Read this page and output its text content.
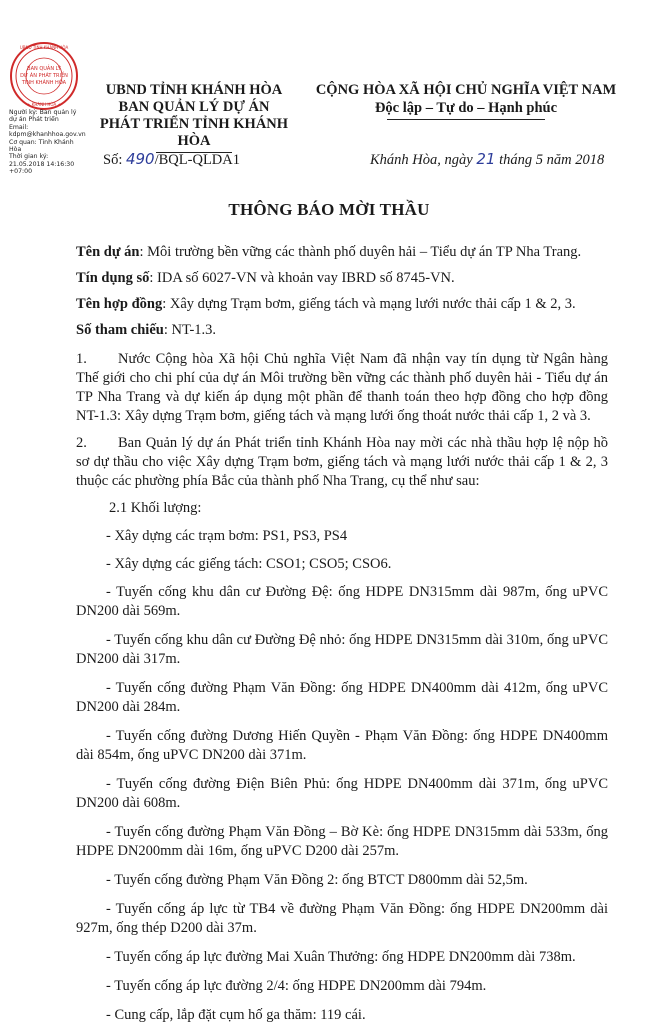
BAN QUẢN LÝ
DỰ ÁN PHÁT TRIỂN
TỈNH KHÁNH HÒA
UBND TỈNH KHÁNH HÒA
★ KHÁNH HÒA ★
Người ký: Ban quản lý
dự án Phát triển
Email:
kdpm@khanhhoa.gov.vn
Cơ quan: Tỉnh Khánh
Hòa
Thời gian ký:
21.05.2018 14:16:30
+07:00
UBND TỈNH KHÁNH HÒA
BAN QUẢN LÝ DỰ ÁN
PHÁT TRIỂN TỈNH KHÁNH HÒA
CỘNG HÒA XÃ HỘI CHỦ NGHĨA VIỆT NAM
Độc lập – Tự do – Hạnh phúc
Số: 490/BQL-QLDA1	Khánh Hòa, ngày 21 tháng 5 năm 2018
THÔNG BÁO MỜI THẦU

Tên dự án: Môi trường bền vững các thành phố duyên hải – Tiểu dự án TP Nha Trang.

Tín dụng số: IDA số 6027-VN và khoản vay IBRD số 8745-VN.

Tên hợp đồng: Xây dựng Trạm bơm, giếng tách và mạng lưới nước thải cấp 1 & 2, 3.

Số tham chiếu: NT-1.3.

1. Nước Cộng hòa Xã hội Chủ nghĩa Việt Nam đã nhận vay tín dụng từ Ngân hàng Thế giới cho chi phí của dự án Môi trường bền vững các thành phố duyên hải - Tiểu dự án TP Nha Trang và dự kiến áp dụng một phần để thanh toán theo hợp đồng cho hợp đồng NT-1.3: Xây dựng Trạm bơm, giếng tách và mạng lưới ống thoát nước thải cấp 1, 2 và 3.

2. Ban Quản lý dự án Phát triển tỉnh Khánh Hòa nay mời các nhà thầu hợp lệ nộp hồ sơ dự thầu cho việc Xây dựng Trạm bơm, giếng tách và mạng lưới nước thải cấp 1 & 2, 3 thuộc các phường phía Bắc của thành phố Nha Trang, cụ thể như sau:

2.1 Khối lượng:

- Xây dựng các trạm bơm: PS1, PS3, PS4

- Xây dựng các giếng tách: CSO1; CSO5; CSO6.

- Tuyến cống khu dân cư Đường Đệ: ống HDPE DN315mm dài 987m, ống uPVC DN200 dài 569m.

- Tuyến cống khu dân cư Đường Đệ nhỏ: ống HDPE DN315mm dài 310m, ống uPVC DN200 dài 317m.

- Tuyến cống đường Phạm Văn Đồng: ống HDPE DN400mm dài 412m, ống uPVC DN200 dài 284m.

- Tuyến cống đường Dương Hiến Quyền - Phạm Văn Đồng: ống HDPE DN400mm dài 854m, ống uPVC DN200 dài 371m.

- Tuyến cống đường Điện Biên Phủ: ống HDPE DN400mm dài 371m, ống uPVC DN200 dài 608m.

- Tuyến cống đường Phạm Văn Đồng – Bờ Kè: ống HDPE DN315mm dài 533m, ống HDPE DN200mm dài 16m, ống uPVC D200 dài 257m.

- Tuyến cống đường Phạm Văn Đồng 2: ống BTCT D800mm dài 52,5m.

- Tuyến cống áp lực từ TB4 về đường Phạm Văn Đồng: ống HDPE DN200mm dài 927m, ống thép D200 dài 37m.

- Tuyến cống áp lực đường Mai Xuân Thưởng: ống HDPE DN200mm dài 738m.

- Tuyến cống áp lực đường 2/4: ống HDPE DN200mm dài 794m.

- Cung cấp, lắp đặt cụm hố ga thăm: 119 cái.
